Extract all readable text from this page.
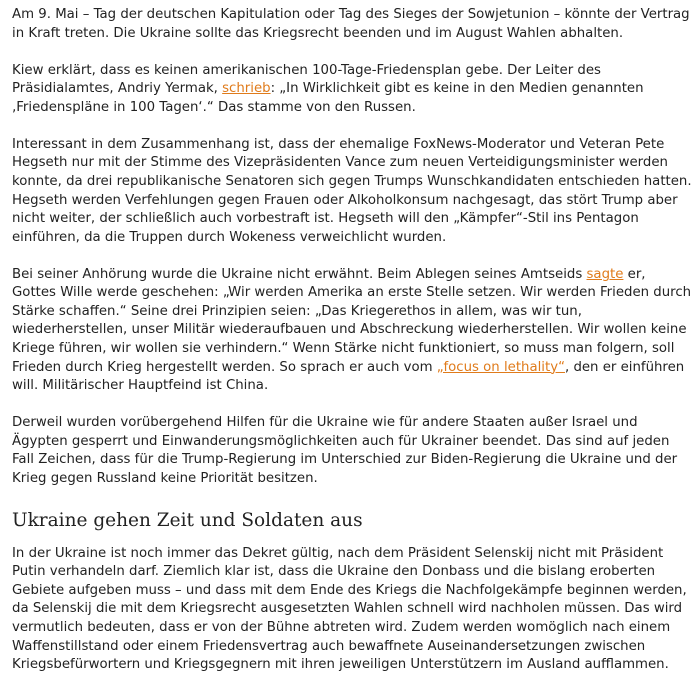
Am 9. Mai – Tag der deutschen Kapitulation oder Tag des Sieges der Sowjetunion – könnte der Vertrag in Kraft treten. Die Ukraine sollte das Kriegsrecht beenden und im August Wahlen abhalten.

Kiew erklärt, dass es keinen amerikanischen 100-Tage-Friedensplan gebe. Der Leiter des Präsidialamtes, Andriy Yermak, schrieb: „In Wirklichkeit gibt es keine in den Medien genannten ‚Friedenspläne in 100 Tagen‘.“ Das stamme von den Russen.

Interessant in dem Zusammenhang ist, dass der ehemalige FoxNews-Moderator und Veteran Pete Hegseth nur mit der Stimme des Vizepräsidenten Vance zum neuen Verteidigungsminister werden konnte, da drei republikanische Senatoren sich gegen Trumps Wunschkandidaten entschieden hatten. Hegseth werden Verfehlungen gegen Frauen oder Alkoholkonsum nachgesagt, das stört Trump aber nicht weiter, der schließlich auch vorbestraft ist. Hegseth will den „Kämpfer“-Stil ins Pentagon einführen, da die Truppen durch Wokeness verweichlicht wurden.

Bei seiner Anhörung wurde die Ukraine nicht erwähnt. Beim Ablegen seines Amtseids sagte er, Gottes Wille werde geschehen: „Wir werden Amerika an erste Stelle setzen. Wir werden Frieden durch Stärke schaffen.“ Seine drei Prinzipien seien: „Das Kriegerethos in allem, was wir tun, wiederherstellen, unser Militär wiederaufbauen und Abschreckung wiederherstellen. Wir wollen keine Kriege führen, wir wollen sie verhindern.“ Wenn Stärke nicht funktioniert, so muss man folgern, soll Frieden durch Krieg hergestellt werden. So sprach er auch vom „focus on lethality“, den er einführen will. Militärischer Hauptfeind ist China.

Derweil wurden vorübergehend Hilfen für die Ukraine wie für andere Staaten außer Israel und Ägypten gesperrt und Einwanderungsmöglichkeiten auch für Ukrainer beendet. Das sind auf jeden Fall Zeichen, dass für die Trump-Regierung im Unterschied zur Biden-Regierung die Ukraine und der Krieg gegen Russland keine Priorität besitzen.

Ukraine gehen Zeit und Soldaten aus

In der Ukraine ist noch immer das Dekret gültig, nach dem Präsident Selenskij nicht mit Präsident Putin verhandeln darf. Ziemlich klar ist, dass die Ukraine den Donbass und die bislang eroberten Gebiete aufgeben muss – und dass mit dem Ende des Kriegs die Nachfolgekämpfe beginnen werden, da Selenskij die mit dem Kriegsrecht ausgesetzten Wahlen schnell wird nachholen müssen. Das wird vermutlich bedeuten, dass er von der Bühne abtreten wird. Zudem werden womöglich nach einem Waffenstillstand oder einem Friedensvertrag auch bewaffnete Auseinandersetzungen zwischen Kriegsbefürwortern und Kriegsgegnern mit ihren jeweiligen Unterstützern im Ausland aufflammen.
